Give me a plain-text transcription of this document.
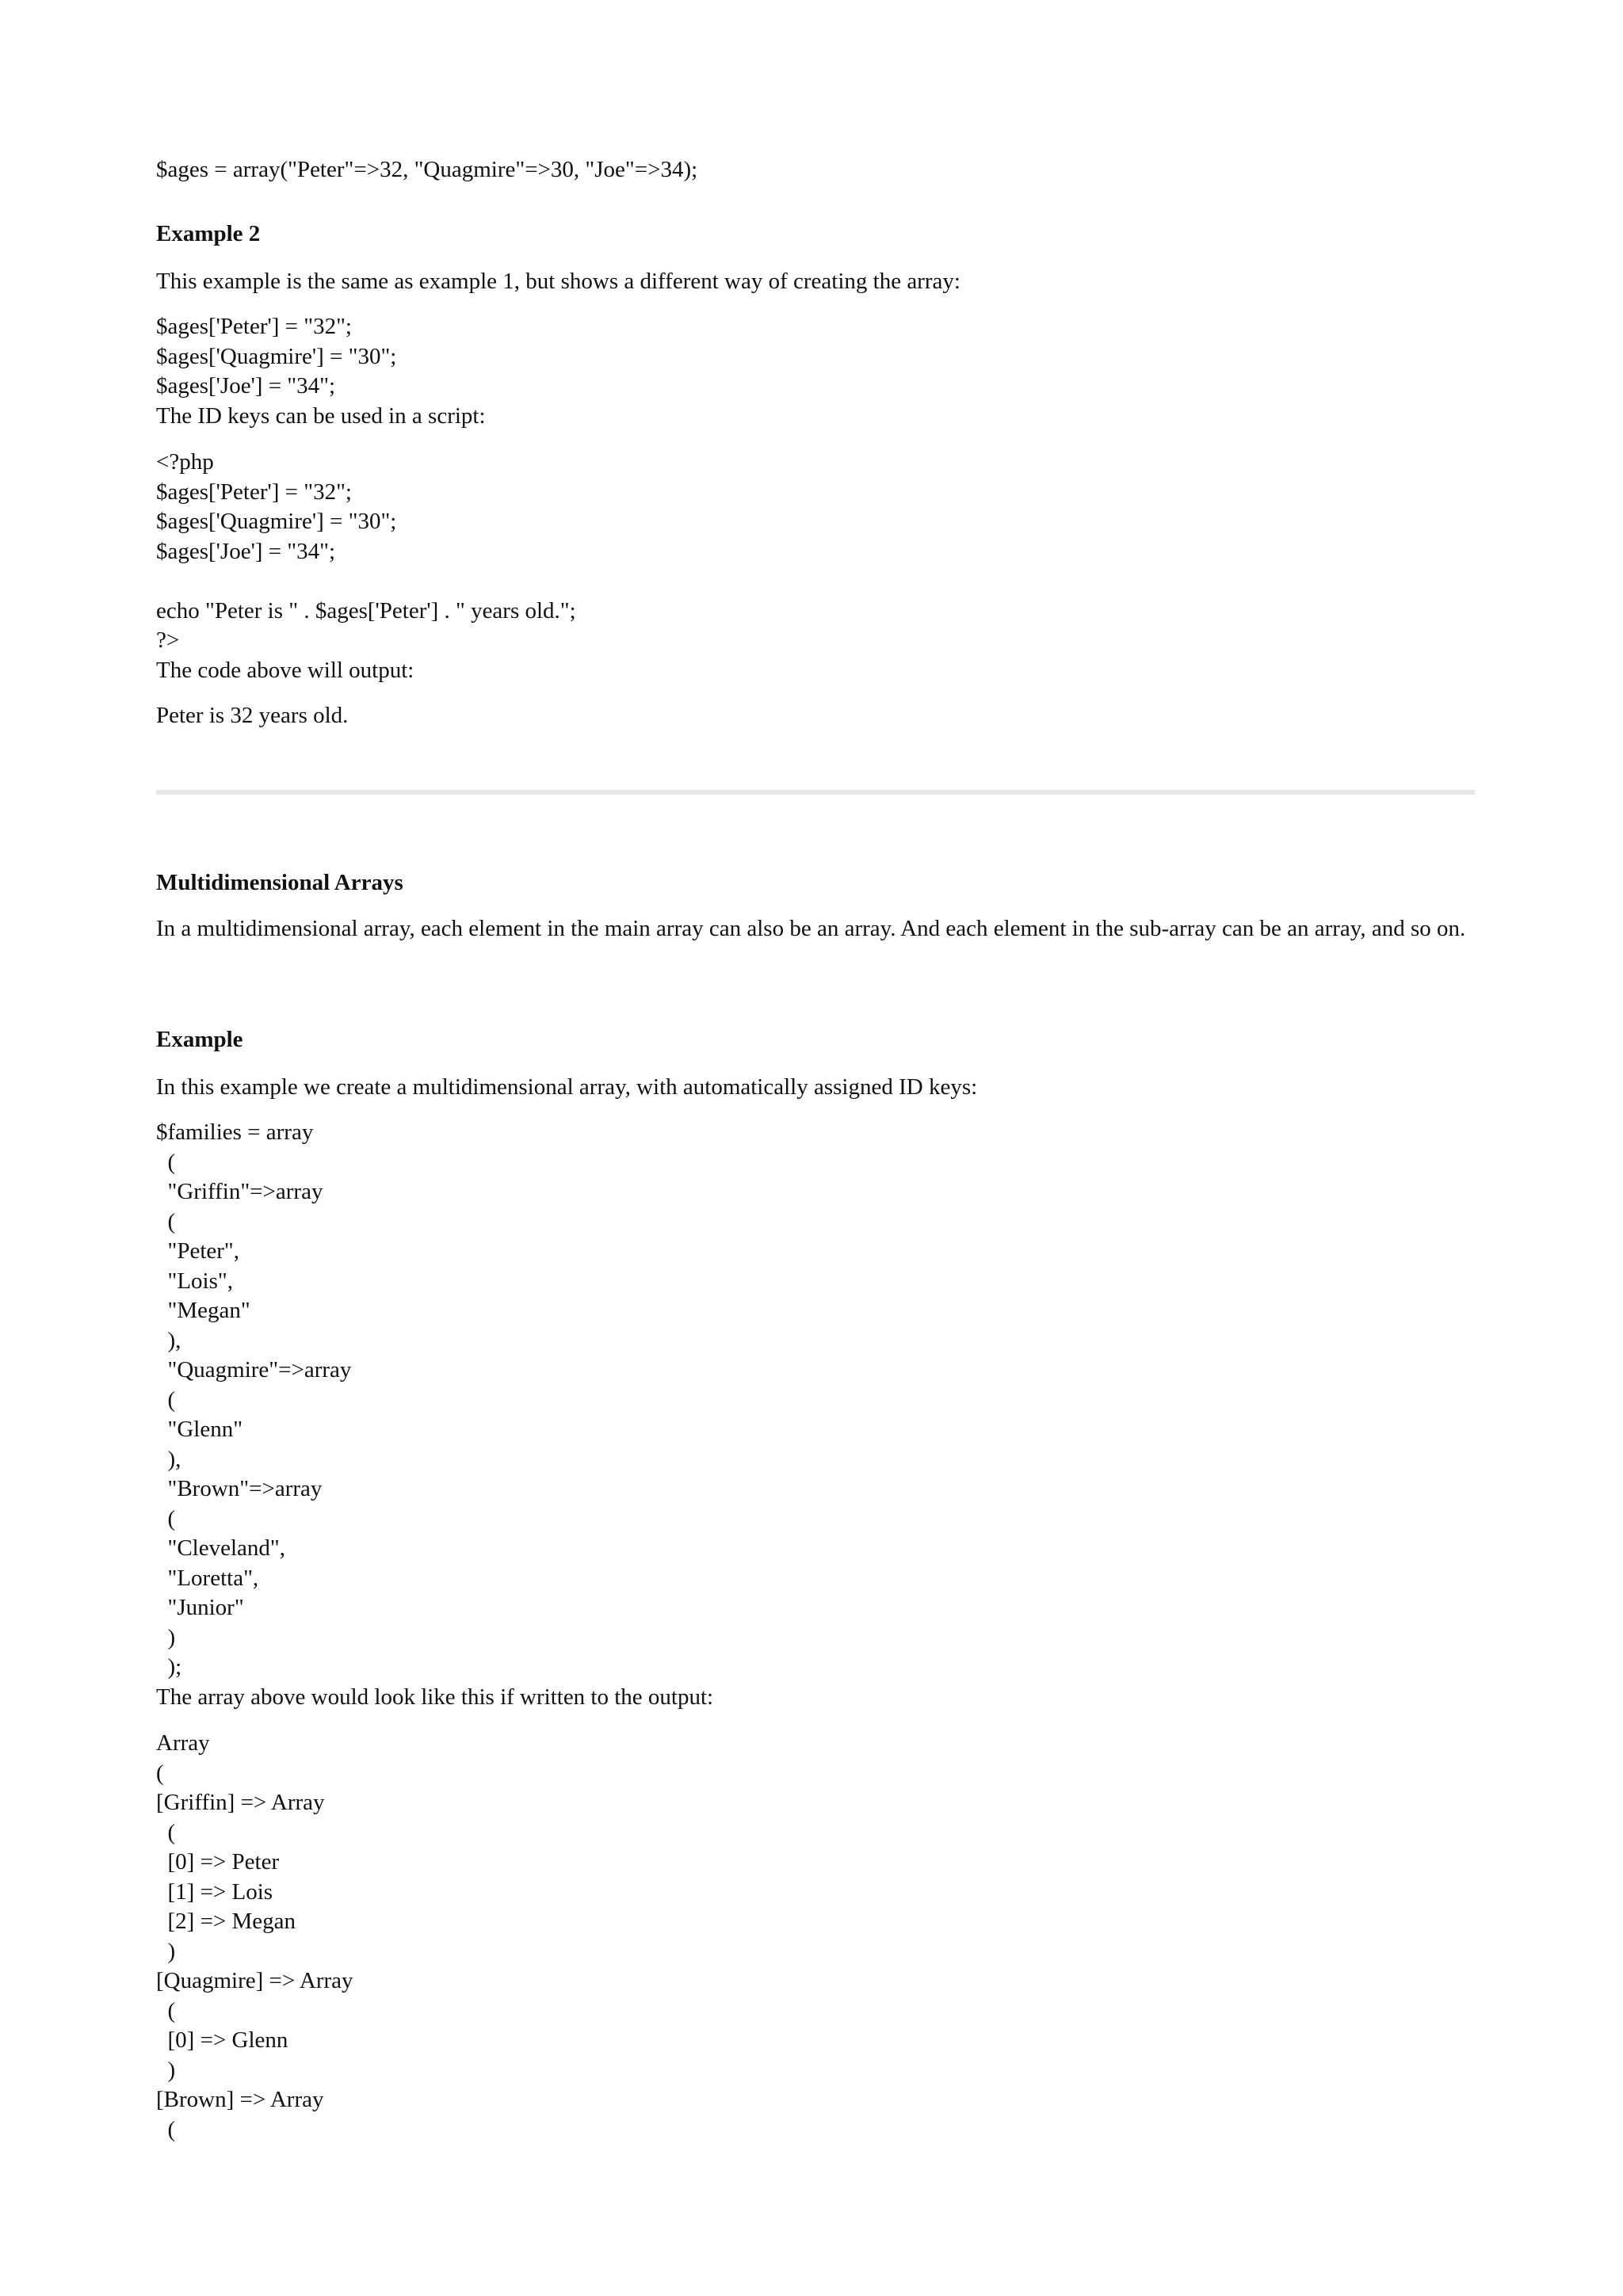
$ages = array("Peter"=>32, "Quagmire"=>30, "Joe"=>34);
Example 2
This example is the same as example 1, but shows a different way of creating the array:
$ages['Peter'] = "32";
$ages['Quagmire'] = "30";
$ages['Joe'] = "34";
The ID keys can be used in a script:
<?php
$ages['Peter'] = "32";
$ages['Quagmire'] = "30";
$ages['Joe'] = "34";

echo "Peter is " . $ages['Peter'] . " years old.";
?>
The code above will output:
Peter is 32 years old.
Multidimensional Arrays
In a multidimensional array, each element in the main array can also be an array. And each element in the sub-array can be an array, and so on.
Example
In this example we create a multidimensional array, with automatically assigned ID keys:
$families = array
(
"Griffin"=>array
(
"Peter",
"Lois",
"Megan"
),
"Quagmire"=>array
(
"Glenn"
),
"Brown"=>array
(
"Cleveland",
"Loretta",
"Junior"
)
);
The array above would look like this if written to the output:
Array
(
[Griffin] => Array
(
[0] => Peter
[1] => Lois
[2] => Megan
)
[Quagmire] => Array
(
[0] => Glenn
)
[Brown] => Array
(
